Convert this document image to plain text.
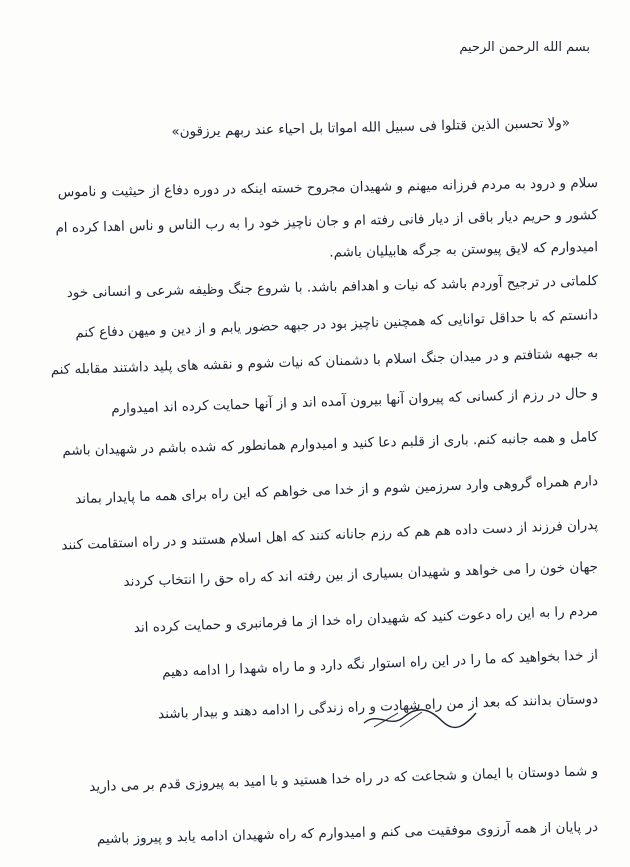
بسم الله الرحمن الرحیم
«ولا تحسبن الذین قتلوا فی سبیل الله امواتا بل احیاء عند ربهم یرزقون»
سلام و درود به مردم فرزانه میهنم و شهیدان مجروح خسته اینکه در دوره دفاع از حیثیت و ناموس
کشور و حریم دیار باقی از دیار فانی رفته ام و جان ناچیز خود را به رب الناس و ناس اهدا کرده ام
امیدوارم که لایق پیوستن به جرگه هابیلیان باشم.
کلماتی در ترجیح آوردم باشد که نیات و اهدافم باشد. با شروع جنگ وظیفه شرعی و انسانی خود
دانستم که با حداقل توانایی که همچنین ناچیز بود در جبهه حضور یابم و از دین و میهن دفاع کنم
به جبهه شتافتم و در میدان جنگ اسلام با دشمنان که نیات شوم و نقشه های پلید داشتند مقابله کنم
و حال در رزم از کسانی که پیروان آنها بیرون آمده اند و از آنها حمایت کرده اند امیدوارم
کامل و همه جانبه کنم. باری از قلبم دعا کنید و امیدوارم همانطور که شده باشم در شهیدان باشم
دارم همراه گروهی وارد سرزمین شوم و از خدا می خواهم که این راه برای همه ما پایدار بماند
پدران فرزند از دست داده هم هم که رزم جانانه کنند که اهل اسلام هستند و در راه استقامت کنند
جهان خون را می خواهد و شهیدان بسیاری از بین رفته اند که راه حق را انتخاب کردند
مردم را به این راه دعوت کنید که شهیدان راه خدا از ما فرمانبری و حمایت کرده اند
از خدا بخواهید که ما را در این راه استوار نگه دارد و ما راه شهدا را ادامه دهیم
دوستان بدانند که بعد از من راه شهادت و راه زندگی را ادامه دهند و بیدار باشند
و شما دوستان با ایمان و شجاعت که در راه خدا هستید و با امید به پیروزی قدم بر می دارید
در پایان از همه آرزوی موفقیت می کنم و امیدوارم که راه شهیدان ادامه یابد و پیروز باشیم
